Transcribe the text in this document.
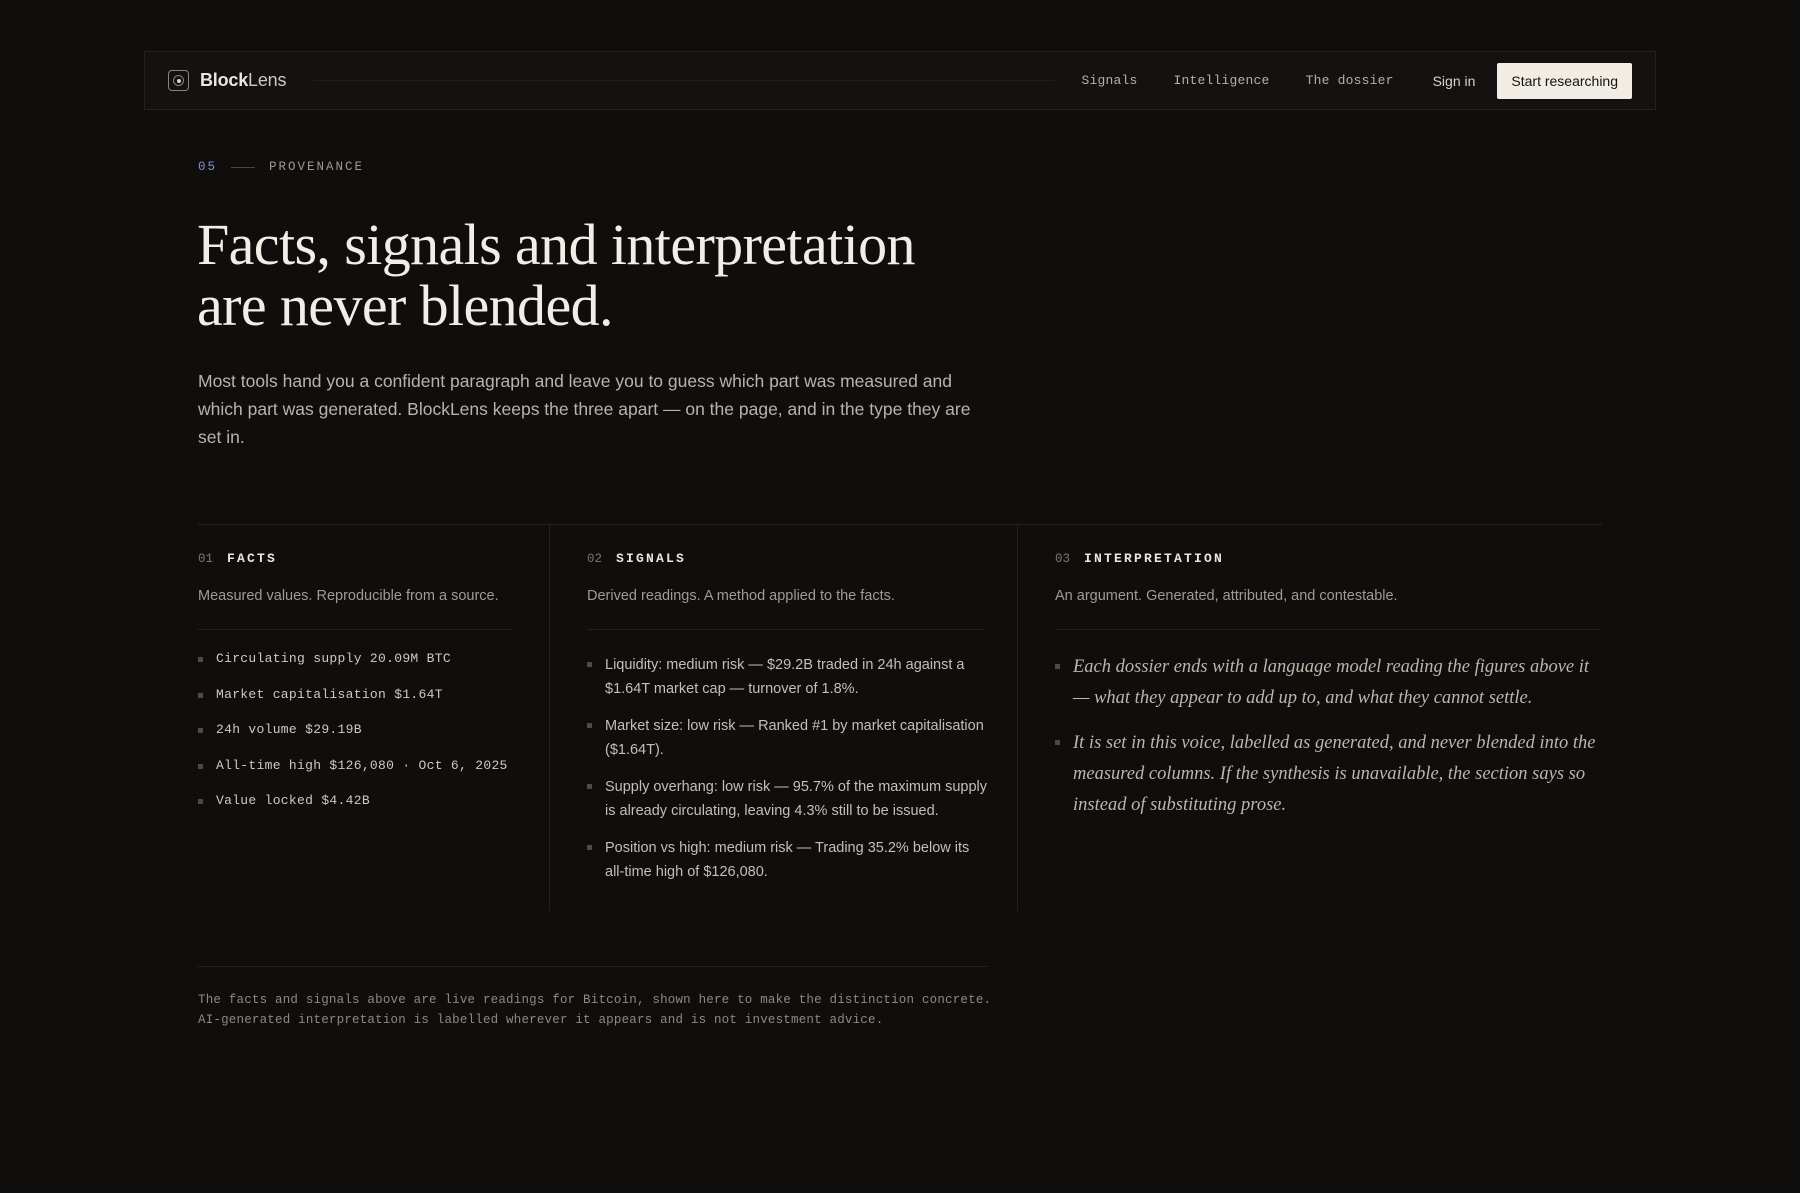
BlockLens	Signals	Intelligence	The dossier	Sign in	Start researching
05	PROVENANCE
Facts, signals and interpretation
are never blended.

Most tools hand you a confident paragraph and leave you to guess which part was measured and which part was generated. BlockLens keeps the three apart — on the page, and in the type they are set in.

01 FACTS
Measured values. Reproducible from a source.
Circulating supply 20.09M BTC
Market capitalisation $1.64T
24h volume $29.19B
All-time high $126,080 · Oct 6, 2025
Value locked $4.42B
02 SIGNALS
Derived readings. A method applied to the facts.
Liquidity: medium risk — $29.2B traded in 24h against a $1.64T market cap — turnover of 1.8%.
Market size: low risk — Ranked #1 by market capitalisation ($1.64T).
Supply overhang: low risk — 95.7% of the maximum supply is already circulating, leaving 4.3% still to be issued.
Position vs high: medium risk — Trading 35.2% below its all-time high of $126,080.
03 INTERPRETATION
An argument. Generated, attributed, and contestable.
Each dossier ends with a language model reading the figures above it — what they appear to add up to, and what they cannot settle.
It is set in this voice, labelled as generated, and never blended into the measured columns. If the synthesis is unavailable, the section says so instead of substituting prose.
The facts and signals above are live readings for Bitcoin, shown here to make the distinction concrete.
AI-generated interpretation is labelled wherever it appears and is not investment advice.
